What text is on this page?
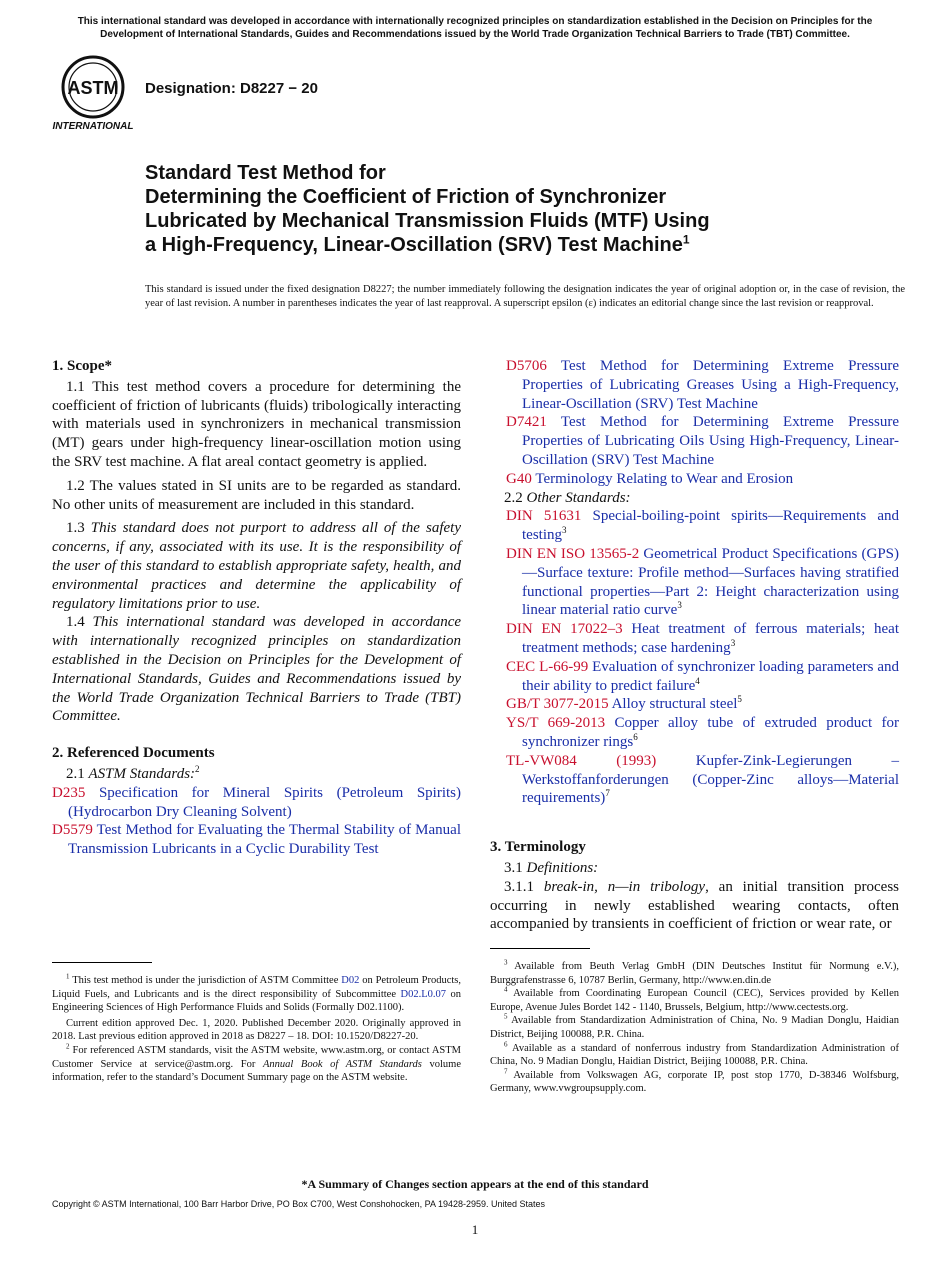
This international standard was developed in accordance with internationally recognized principles on standardization established in the Decision on Principles for the Development of International Standards, Guides and Recommendations issued by the World Trade Organization Technical Barriers to Trade (TBT) Committee.
ASTM
INTERNATIONAL
Designation: D8227 − 20
Standard Test Method for
Determining the Coefficient of Friction of Synchronizer
Lubricated by Mechanical Transmission Fluids (MTF) Using
a High-Frequency, Linear-Oscillation (SRV) Test Machine$^1$
This standard is issued under the fixed designation D8227; the number immediately following the designation indicates the year of original adoption or, in the case of revision, the year of last revision. A number in parentheses indicates the year of last reapproval. A superscript epsilon (ε) indicates an editorial change since the last revision or reapproval.
1. Scope*

1.1 This test method covers a procedure for determining the coefficient of friction of lubricants (fluids) tribologically interacting with materials used in synchronizers in mechanical transmission (MT) gears under high-frequency linear-oscillation motion using the SRV test machine. A flat areal contact geometry is applied.

1.2 The values stated in SI units are to be regarded as standard. No other units of measurement are included in this standard.

1.3 This standard does not purport to address all of the safety concerns, if any, associated with its use. It is the responsibility of the user of this standard to establish appropriate safety, health, and environmental practices and determine the applicability of regulatory limitations prior to use.

1.4 This international standard was developed in accordance with internationally recognized principles on standardization established in the Decision on Principles for the Development of International Standards, Guides and Recommendations issued by the World Trade Organization Technical Barriers to Trade (TBT) Committee.

2. Referenced Documents

2.1 ASTM Standards:$^2$

D235 Specification for Mineral Spirits (Petroleum Spirits) (Hydrocarbon Dry Cleaning Solvent)

D5579 Test Method for Evaluating the Thermal Stability of Manual Transmission Lubricants in a Cyclic Durability Test

D5706 Test Method for Determining Extreme Pressure Properties of Lubricating Greases Using a High-Frequency, Linear-Oscillation (SRV) Test Machine

D7421 Test Method for Determining Extreme Pressure Properties of Lubricating Oils Using High-Frequency, Linear-Oscillation (SRV) Test Machine

G40 Terminology Relating to Wear and Erosion

2.2 Other Standards:

DIN 51631 Special-boiling-point spirits—Requirements and testing$^3$

DIN EN ISO 13565-2 Geometrical Product Specifications (GPS)—Surface texture: Profile method—Surfaces having stratified functional properties—Part 2: Height characterization using linear material ratio curve$^3$

DIN EN 17022–3 Heat treatment of ferrous materials; heat treatment methods; case hardening$^3$

CEC L-66-99 Evaluation of synchronizer loading parameters and their ability to predict failure$^4$

GB/T 3077-2015 Alloy structural steel$^5$

YS/T 669-2013 Copper alloy tube of extruded product for synchronizer rings$^6$

TL-VW084 (1993)	Kupfer-Zink-Legierungen – Werkstoffanforderungen (Copper-Zinc alloys—Material requirements)$^7$

3. Terminology

3.1 Definitions:

3.1.1 break-in, n—in tribology, an initial transition process occurring in newly established wearing contacts, often accompanied by transients in coefficient of friction or wear rate, or

$^1$ This test method is under the jurisdiction of ASTM Committee D02 on Petroleum Products, Liquid Fuels, and Lubricants and is the direct responsibility of Subcommittee D02.L0.07 on Engineering Sciences of High Performance Fluids and Solids (Formally D02.1100).

Current edition approved Dec. 1, 2020. Published December 2020. Originally approved in 2018. Last previous edition approved in 2018 as D8227 – 18. DOI: 10.1520/D8227-20.

$^2$ For referenced ASTM standards, visit the ASTM website, www.astm.org, or contact ASTM Customer Service at service@astm.org. For Annual Book of ASTM Standards volume information, refer to the standard’s Document Summary page on the ASTM website.

$^3$ Available from Beuth Verlag GmbH (DIN Deutsches Institut für Normung e.V.), Burggrafenstrasse 6, 10787 Berlin, Germany, http://www.en.din.de

$^4$ Available from Coordinating European Council (CEC), Services provided by Kellen Europe, Avenue Jules Bordet 142 - 1140, Brussels, Belgium, http://www.cectests.org.

$^5$ Available from Standardization Administration of China, No. 9 Madian Donglu, Haidian District, Beijing 100088, P.R. China.

$^6$ Available as a standard of nonferrous industry from Standardization Administration of China, No. 9 Madian Donglu, Haidian District, Beijing 100088, P.R. China.

$^7$ Available from Volkswagen AG, corporate IP, post stop 1770, D-38346 Wolfsburg, Germany, www.vwgroupsupply.com.

*A Summary of Changes section appears at the end of this standard
Copyright © ASTM International, 100 Barr Harbor Drive, PO Box C700, West Conshohocken, PA 19428-2959. United States
1
